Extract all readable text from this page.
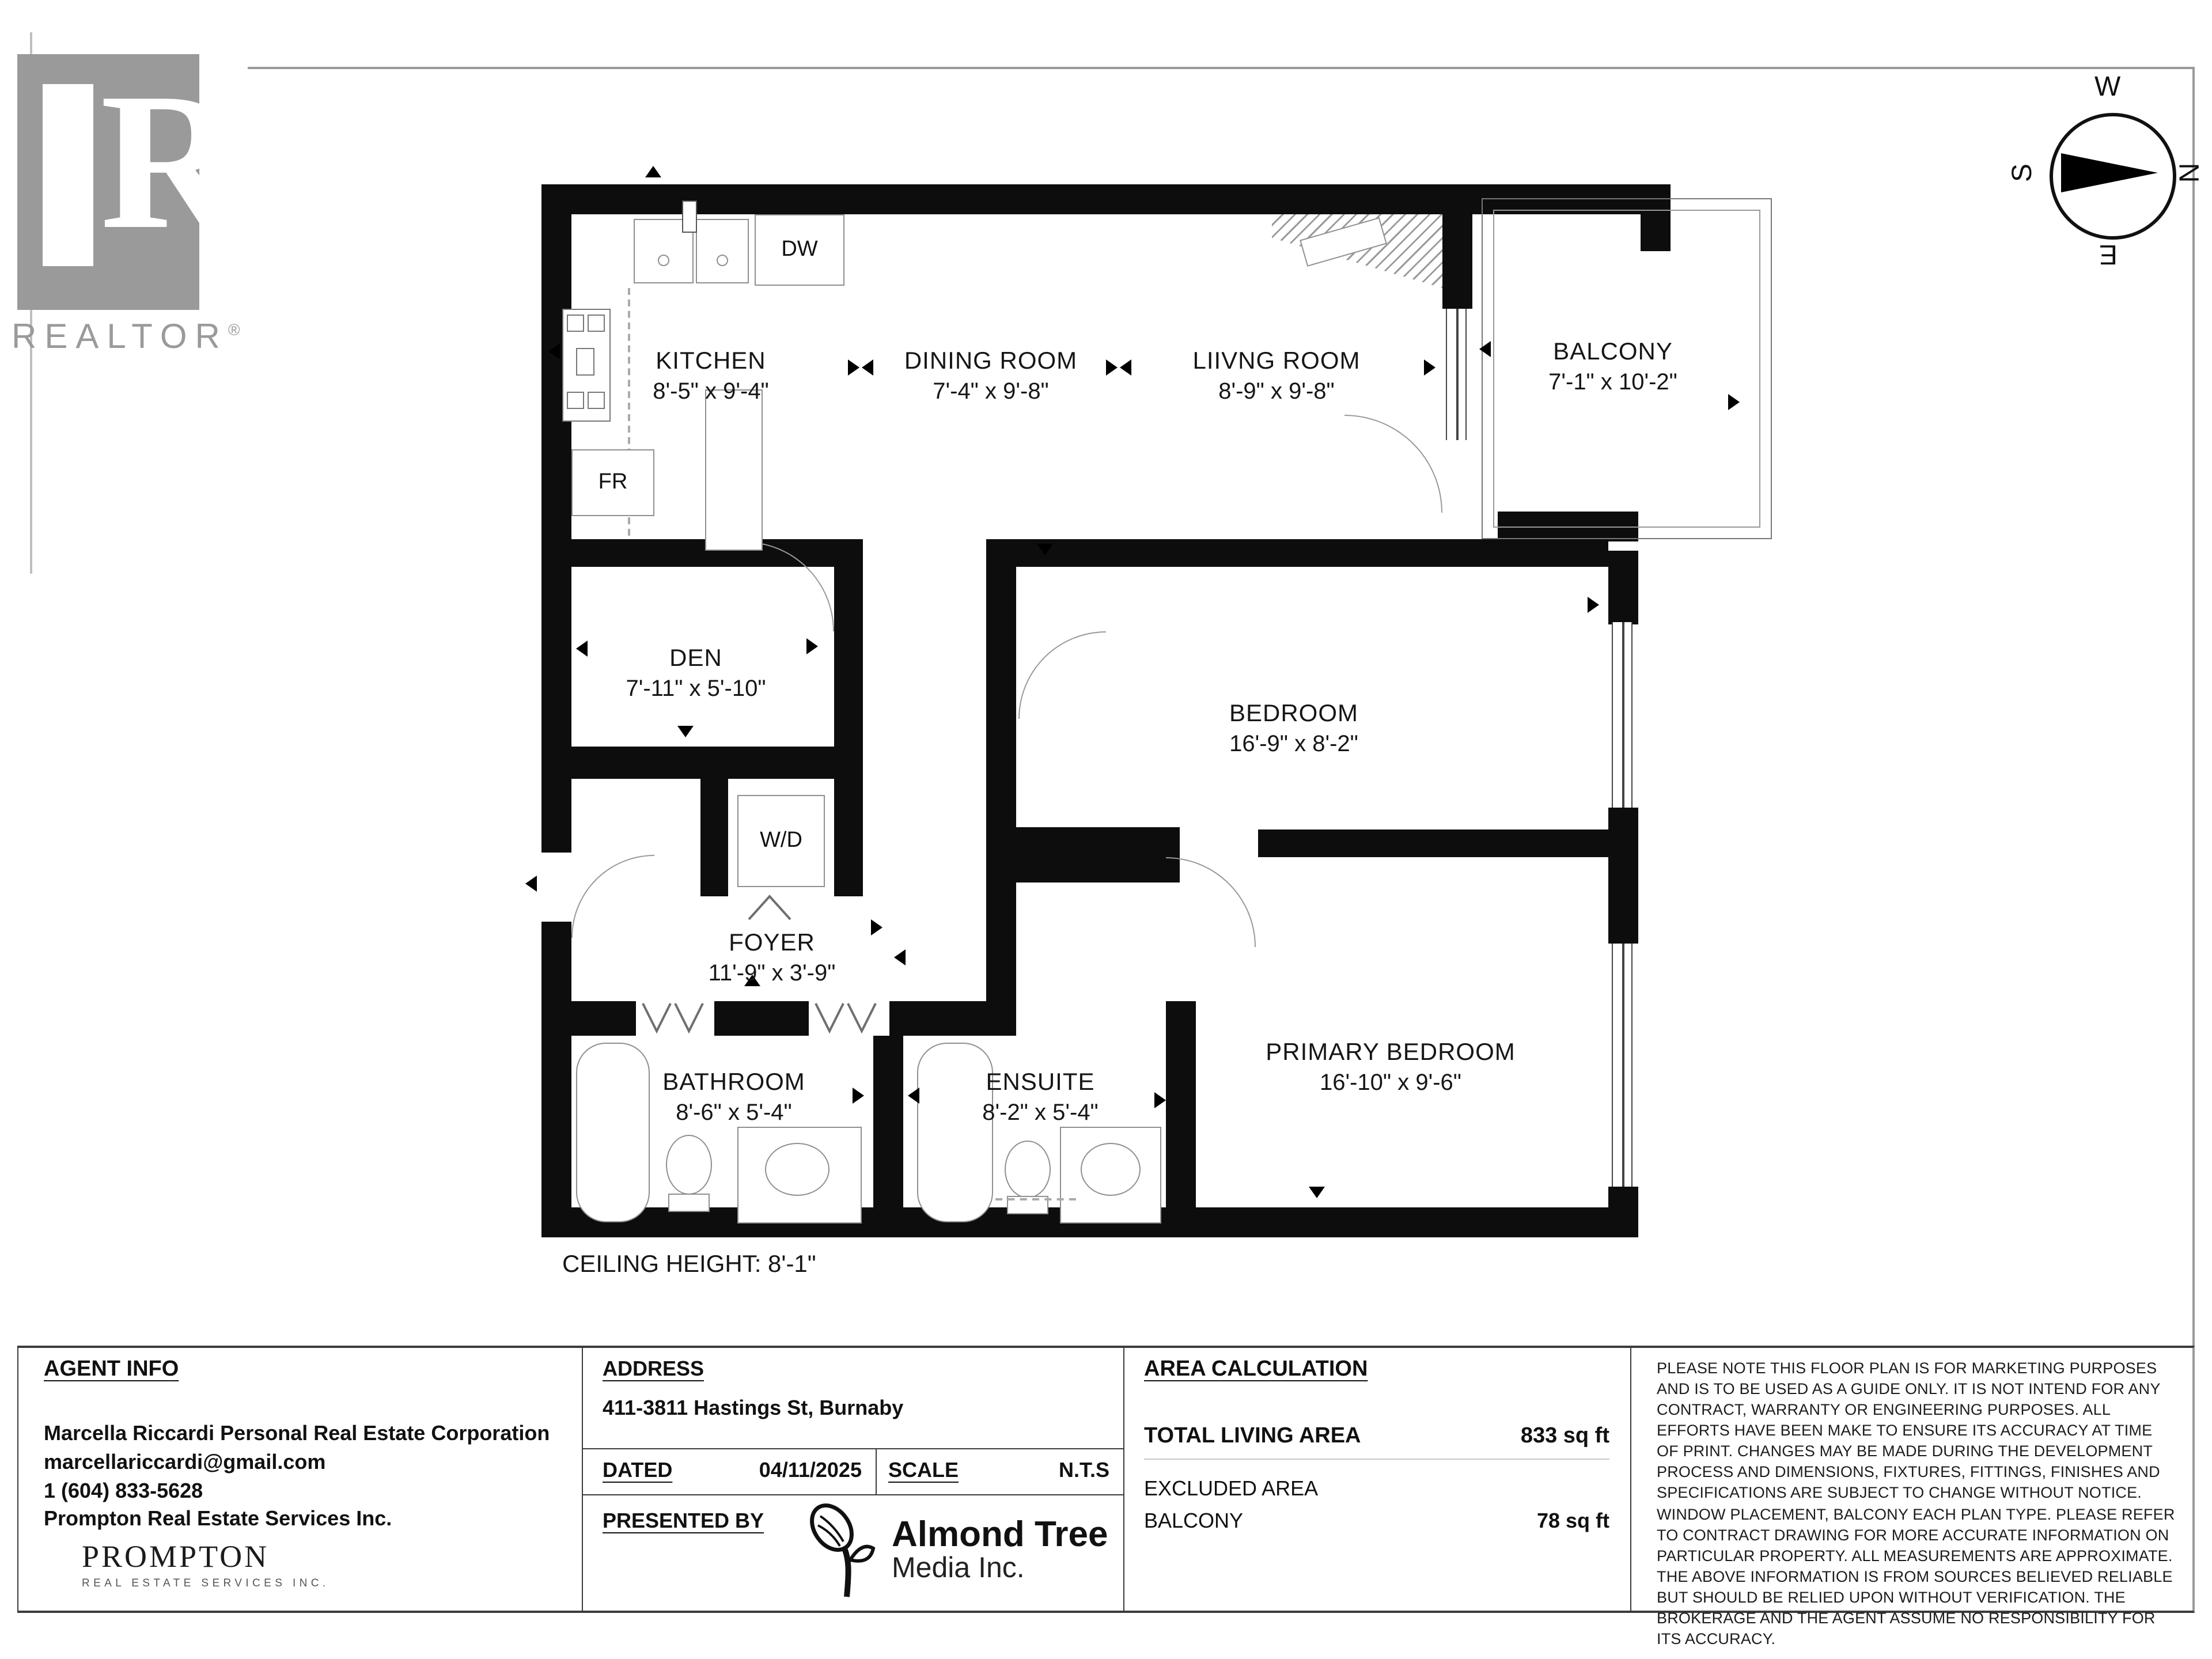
R
REALTOR®
W
N
E
S
DW
FR
W/D
KITCHEN
8'-5" x 9'-4"
DINING ROOM
7'-4" x 9'-8"
LIIVNG ROOM
8'-9" x 9'-8"
BALCONY
7'-1" x 10'-2"
DEN
7'-11" x 5'-10"
BEDROOM
16'-9" x 8'-2"
FOYER
11'-9" x 3'-9"
BATHROOM
8'-6" x 5'-4"
ENSUITE
8'-2" x 5'-4"
PRIMARY BEDROOM
16'-10" x 9'-6"
CEILING HEIGHT: 8'-1"
AGENT INFO
Marcella Riccardi Personal Real Estate Corporation
marcellariccardi@gmail.com
1 (604) 833-5628
Prompton Real Estate Services Inc.
PROMPTON
REAL ESTATE SERVICES INC.
ADDRESS
411-3811 Hastings St, Burnaby
DATED	04/11/2025	SCALE	N.T.S
PRESENTED BY	Almond Tree
Media Inc.
AREA CALCULATION
TOTAL LIVING AREA	833 sq ft
EXCLUDED AREA
BALCONY	78 sq ft
PLEASE NOTE THIS FLOOR PLAN IS FOR MARKETING PURPOSES AND IS TO BE USED AS A GUIDE ONLY. IT IS NOT INTEND FOR ANY CONTRACT, WARRANTY OR ENGINEERING PURPOSES. ALL EFFORTS HAVE BEEN MAKE TO ENSURE ITS ACCURACY AT TIME OF PRINT. CHANGES MAY BE MADE DURING THE DEVELOPMENT PROCESS AND DIMENSIONS, FIXTURES, FITTINGS, FINISHES AND SPECIFICATIONS ARE SUBJECT TO CHANGE WITHOUT NOTICE. WINDOW PLACEMENT, BALCONY EACH PLAN TYPE. PLEASE REFER TO CONTRACT DRAWING FOR MORE ACCURATE INFORMATION ON PARTICULAR PROPERTY. ALL MEASUREMENTS ARE APPROXIMATE. THE ABOVE INFORMATION IS FROM SOURCES BELIEVED RELIABLE BUT SHOULD BE RELIED UPON WITHOUT VERIFICATION. THE BROKERAGE AND THE AGENT ASSUME NO RESPONSIBILITY FOR ITS ACCURACY.
